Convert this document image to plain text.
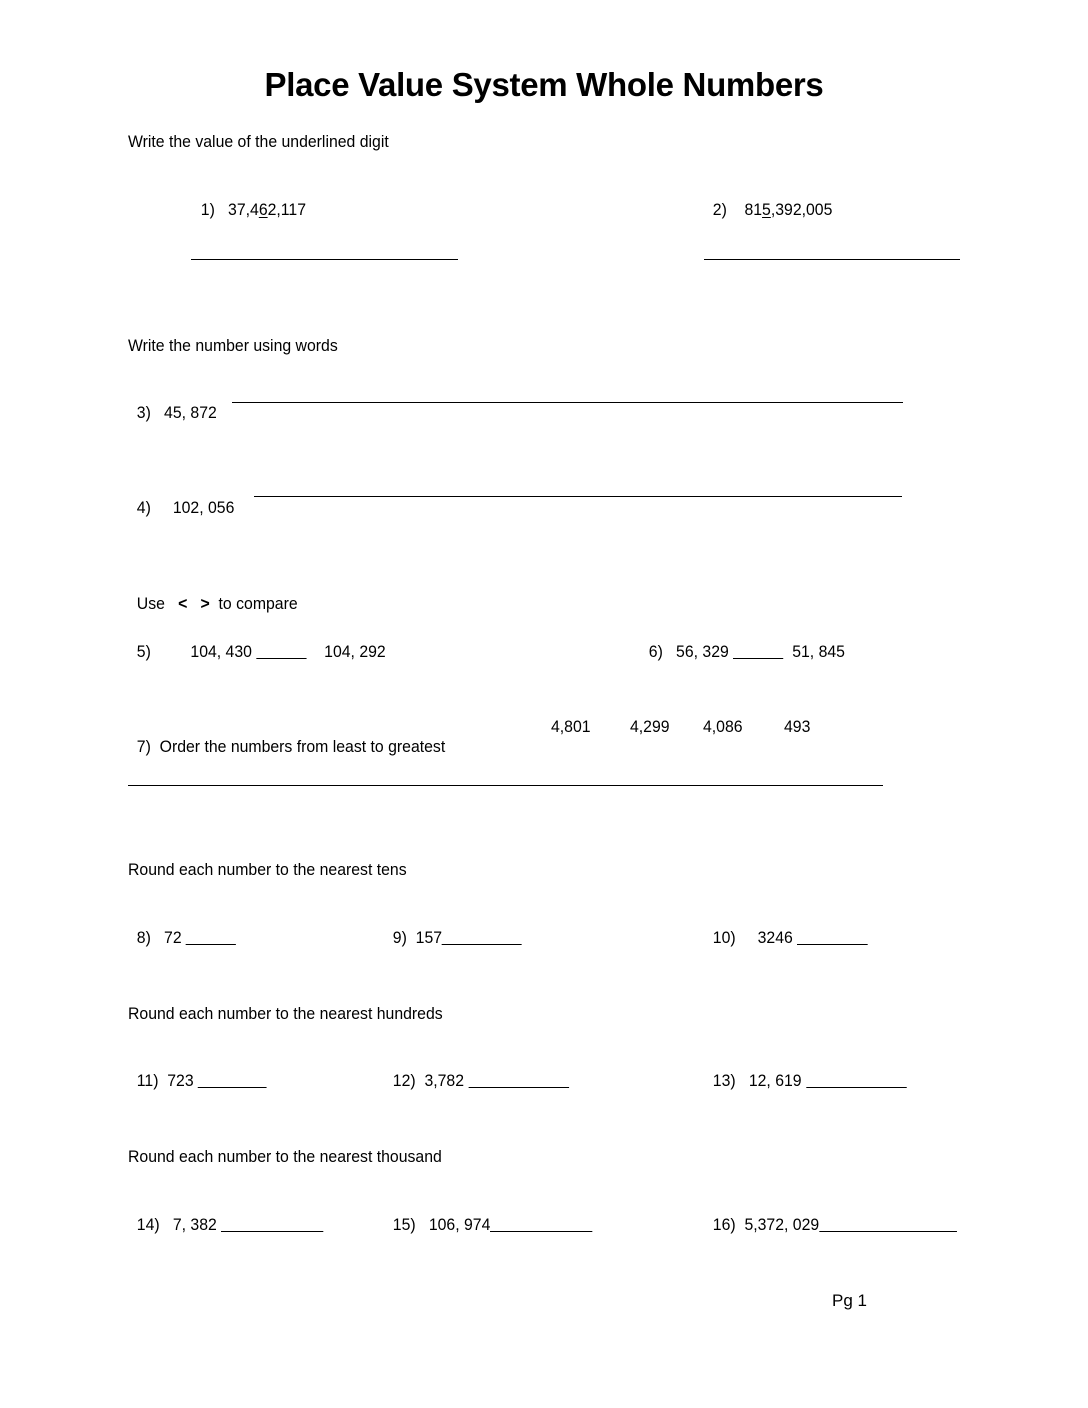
Place Value System Whole Numbers
Write the value of the underlined digit

1) 37,462,117	2) 815,392,005

Write the number using words

3) 45, 872

4) 102, 056

Use < > to compare

5) 104, 430	104, 292	6) 56, 329	51, 845

7) Order the numbers from least to greatest

4,801 4,299 4,086 493
Round each number to the nearest tens

8) 72	9) 157	10) 3246

Round each number to the nearest hundreds

11) 723	12) 3,782	13) 12, 619

Round each number to the nearest thousand

14) 7, 382	15) 106, 974	16) 5,372, 029

Pg 1
